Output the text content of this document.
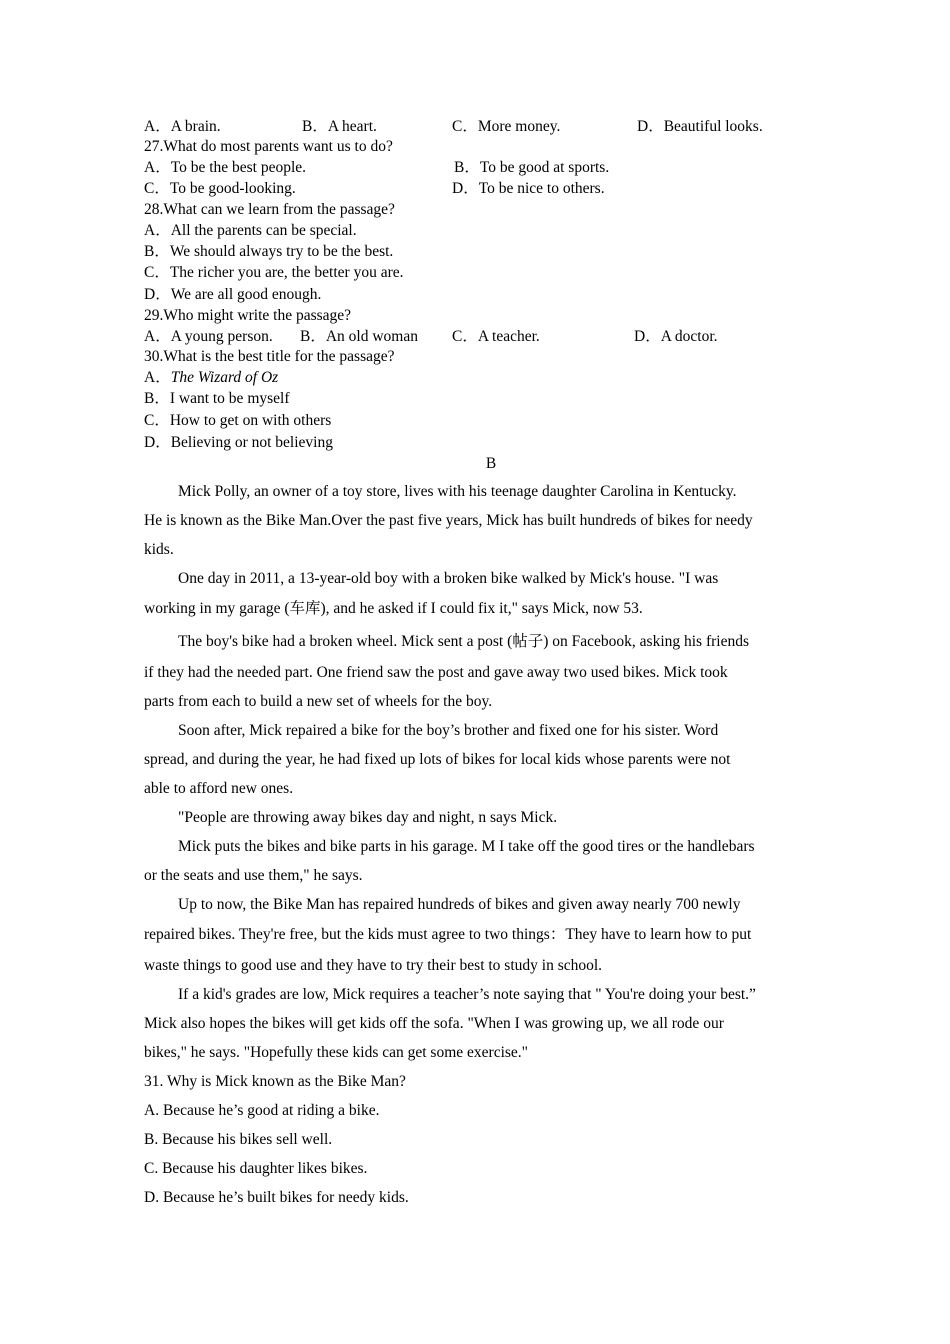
A．A brain.	B．A heart.	C．More money.	D．Beautiful looks.
27.What do most parents want us to do?
A．To be the best people.	B．To be good at sports.
C．To be good-looking.	D．To be nice to others.
28.What can we learn from the passage?
A．All the parents can be special.
B．We should always try to be the best.
C．The richer you are, the better you are.
D．We are all good enough.
29.Who might write the passage?
A．A young person. B．An old woman C．A teacher.	D．A doctor.
30.What is the best title for the passage?
A．The Wizard of Oz
B．I want to be myself
C．How to get on with others
D．Believing or not believing
B
Mick Polly, an owner of a toy store, lives with his teenage daughter Carolina in Kentucky.
He is known as the Bike Man.Over the past five years, Mick has built hundreds of bikes for needy
kids.
One day in 2011, a 13-year-old boy with a broken bike walked by Mick's house. "I was
working in my garage (车库), and he asked if I could fix it," says Mick, now 53.
The boy's bike had a broken wheel. Mick sent a post (帖子) on Facebook, asking his friends
if they had the needed part. One friend saw the post and gave away two used bikes. Mick took
parts from each to build a new set of wheels for the boy.
Soon after, Mick repaired a bike for the boy’s brother and fixed one for his sister. Word
spread, and during the year, he had fixed up lots of bikes for local kids whose parents were not
able to afford new ones.
"People are throwing away bikes day and night, n says Mick.
Mick puts the bikes and bike parts in his garage. M I take off the good tires or the handlebars
or the seats and use them," he says.
Up to now, the Bike Man has repaired hundreds of bikes and given away nearly 700 newly
repaired bikes. They're free, but the kids must agree to two things：They have to learn how to put
waste things to good use and they have to try their best to study in school.
If a kid's grades are low, Mick requires a teacher’s note saying that " You're doing your best.”
Mick also hopes the bikes will get kids off the sofa. "When I was growing up, we all rode our
bikes," he says. "Hopefully these kids can get some exercise."
31. Why is Mick known as the Bike Man?
A. Because he’s good at riding a bike.
B. Because his bikes sell well.
C. Because his daughter likes bikes.
D. Because he’s built bikes for needy kids.
